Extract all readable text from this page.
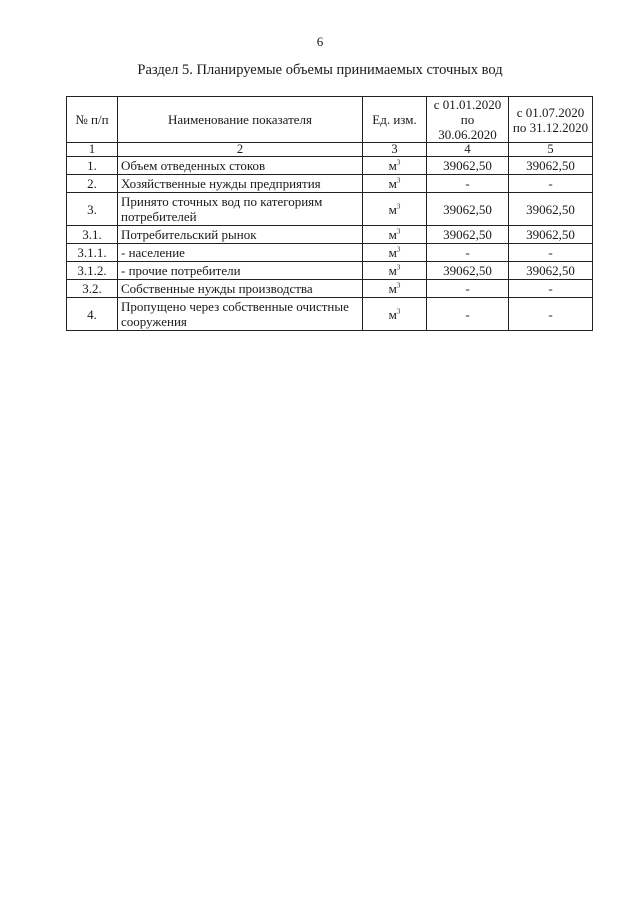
6
Раздел 5. Планируемые объемы принимаемых сточных вод
№ п/п	Наименование показателя	Ед. изм.	с 01.01.2020 по 30.06.2020	с 01.07.2020 по 31.12.2020
1	2	3	4	5
1.	Объем отведенных стоков	$м^3$	39062,50	39062,50
2.	Хозяйственные нужды предприятия	$м^3$	-	-
3.	Принято сточных вод по категориям потребителей	$м^3$	39062,50	39062,50
3.1.	Потребительский рынок	$м^3$	39062,50	39062,50
3.1.1.	- население	$м^3$	-	-
3.1.2.	- прочие потребители	$м^3$	39062,50	39062,50
3.2.	Собственные нужды производства	$м^3$	-	-
4.	Пропущено через собственные очистные сооружения	$м^3$	-	-
